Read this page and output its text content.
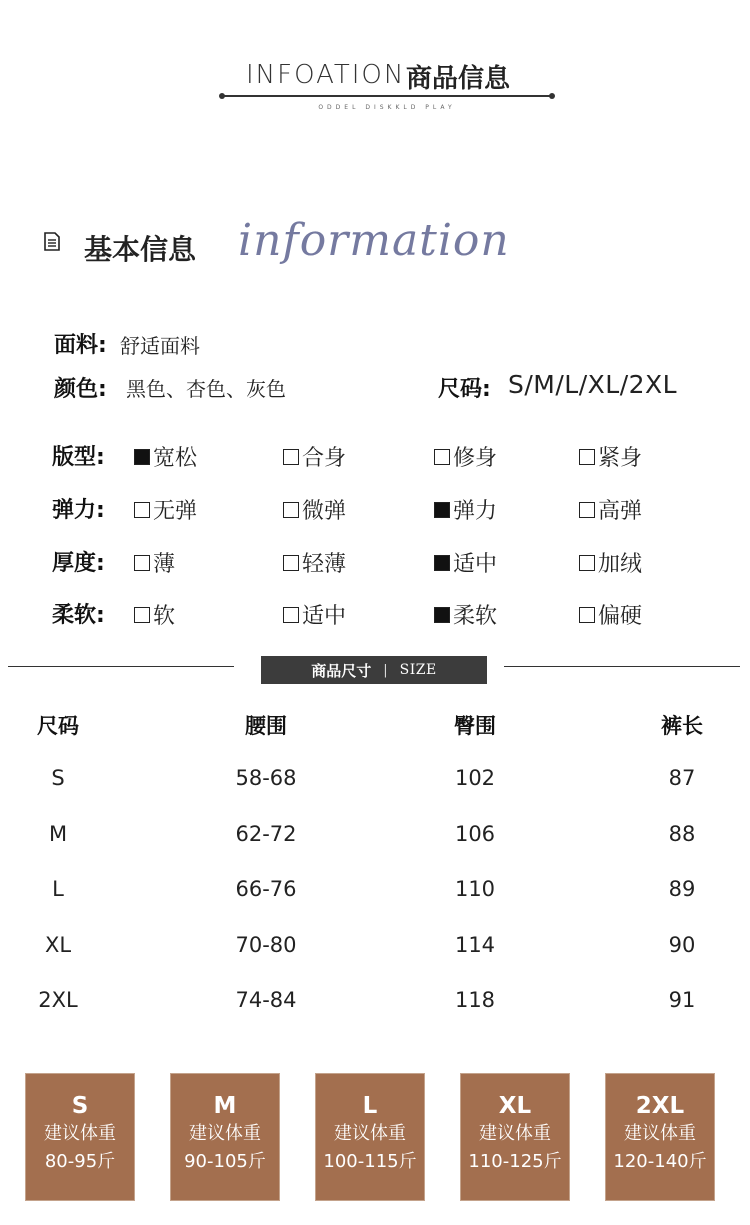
INFOATION 商品信息
ODDEL DISKKLD PLAY
基本信息 information
面料: 舒适面料
颜色: 黑色、杏色、灰色	尺码: S/M/L/XL/2XL
版型: 宽松	合身	修身	紧身
弹力: 无弹	微弹	弹力	高弹
厚度: 薄	轻薄	适中	加绒
柔软: 软	适中	柔软	偏硬
商品尺寸 | SIZE
尺码	腰围	臀围	裤长
S	58-68	102	87
M	62-72	106	88
L	66-76	110	89
XL	70-80	114	90
2XL	74-84	118	91
S
建议体重
80-95斤
M
建议体重
90-105斤
L
建议体重
100-115斤
XL
建议体重
110-125斤
2XL
建议体重
120-140斤
